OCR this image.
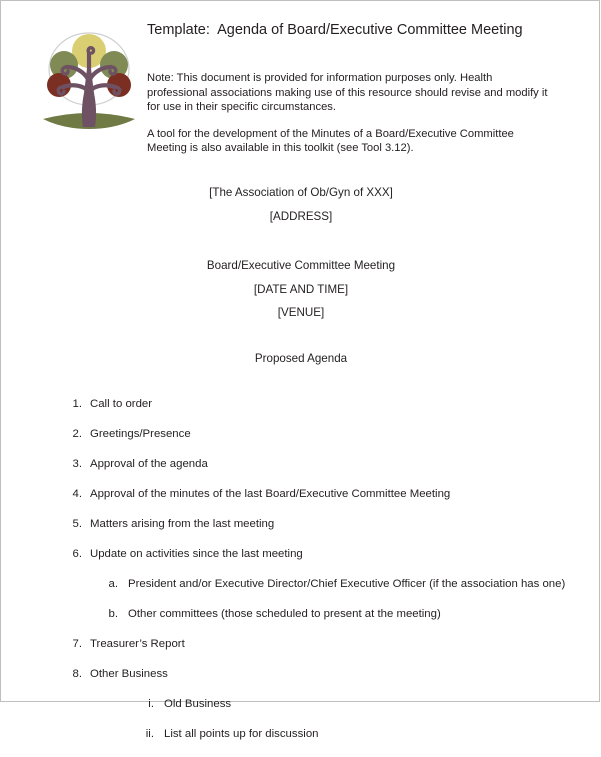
Template:  Agenda of Board/Executive Committee Meeting

Note: This document is provided for information purposes only. Health professional associations making use of this resource should revise and modify it for use in their specific circumstances.

A tool for the development of the Minutes of a Board/Executive Committee Meeting is also available in this toolkit (see Tool 3.12).

[The Association of Ob/Gyn of XXX]
[ADDRESS]
Board/Executive Committee Meeting
[DATE AND TIME]
[VENUE]
Proposed Agenda
1. Call to order
2. Greetings/Presence
3. Approval of the agenda
4. Approval of the minutes of the last Board/Executive Committee Meeting
5. Matters arising from the last meeting
6. Update on activities since the last meeting
a. President and/or Executive Director/Chief Executive Officer (if the association has one)
b. Other committees (those scheduled to present at the meeting)
7. Treasurer’s Report
8. Other Business
i. Old Business
ii. List all points up for discussion
